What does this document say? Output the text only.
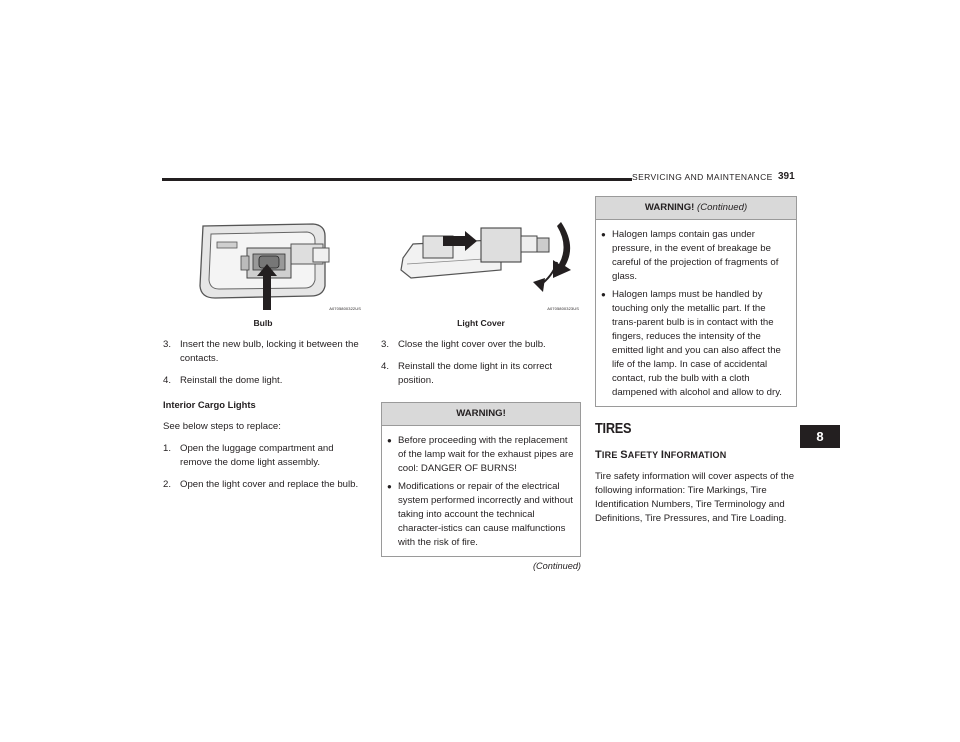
SERVICING AND MAINTENANCE 391
A0705800322US
Bulb
3. Insert the new bulb, locking it between the contacts.
4. Reinstall the dome light.
Interior Cargo Lights
See below steps to replace:
1. Open the luggage compartment and remove the dome light assembly.
2. Open the light cover and replace the bulb.
A0705800323US
Light Cover
3. Close the light cover over the bulb.
4. Reinstall the dome light in its correct position.
WARNING!
● Before proceeding with the replacement of the lamp wait for the exhaust pipes are cool: DANGER OF BURNS!
● Modifications or repair of the electrical system performed incorrectly and without taking into account the technical character-istics can cause malfunctions with the risk of fire.
(Continued)
WARNING! (Continued)
● Halogen lamps contain gas under pressure, in the event of breakage be careful of the projection of fragments of glass.
● Halogen lamps must be handled by touching only the metallic part. If the trans-parent bulb is in contact with the fingers, reduces the intensity of the emitted light and you can also affect the life of the lamp. In case of accidental contact, rub the bulb with a cloth dampened with alcohol and allow to dry.
TIRES
TIRE SAFETY INFORMATION
Tire safety information will cover aspects of the following information: Tire Markings, Tire Identification Numbers, Tire Terminology and Definitions, Tire Pressures, and Tire Loading.
8
